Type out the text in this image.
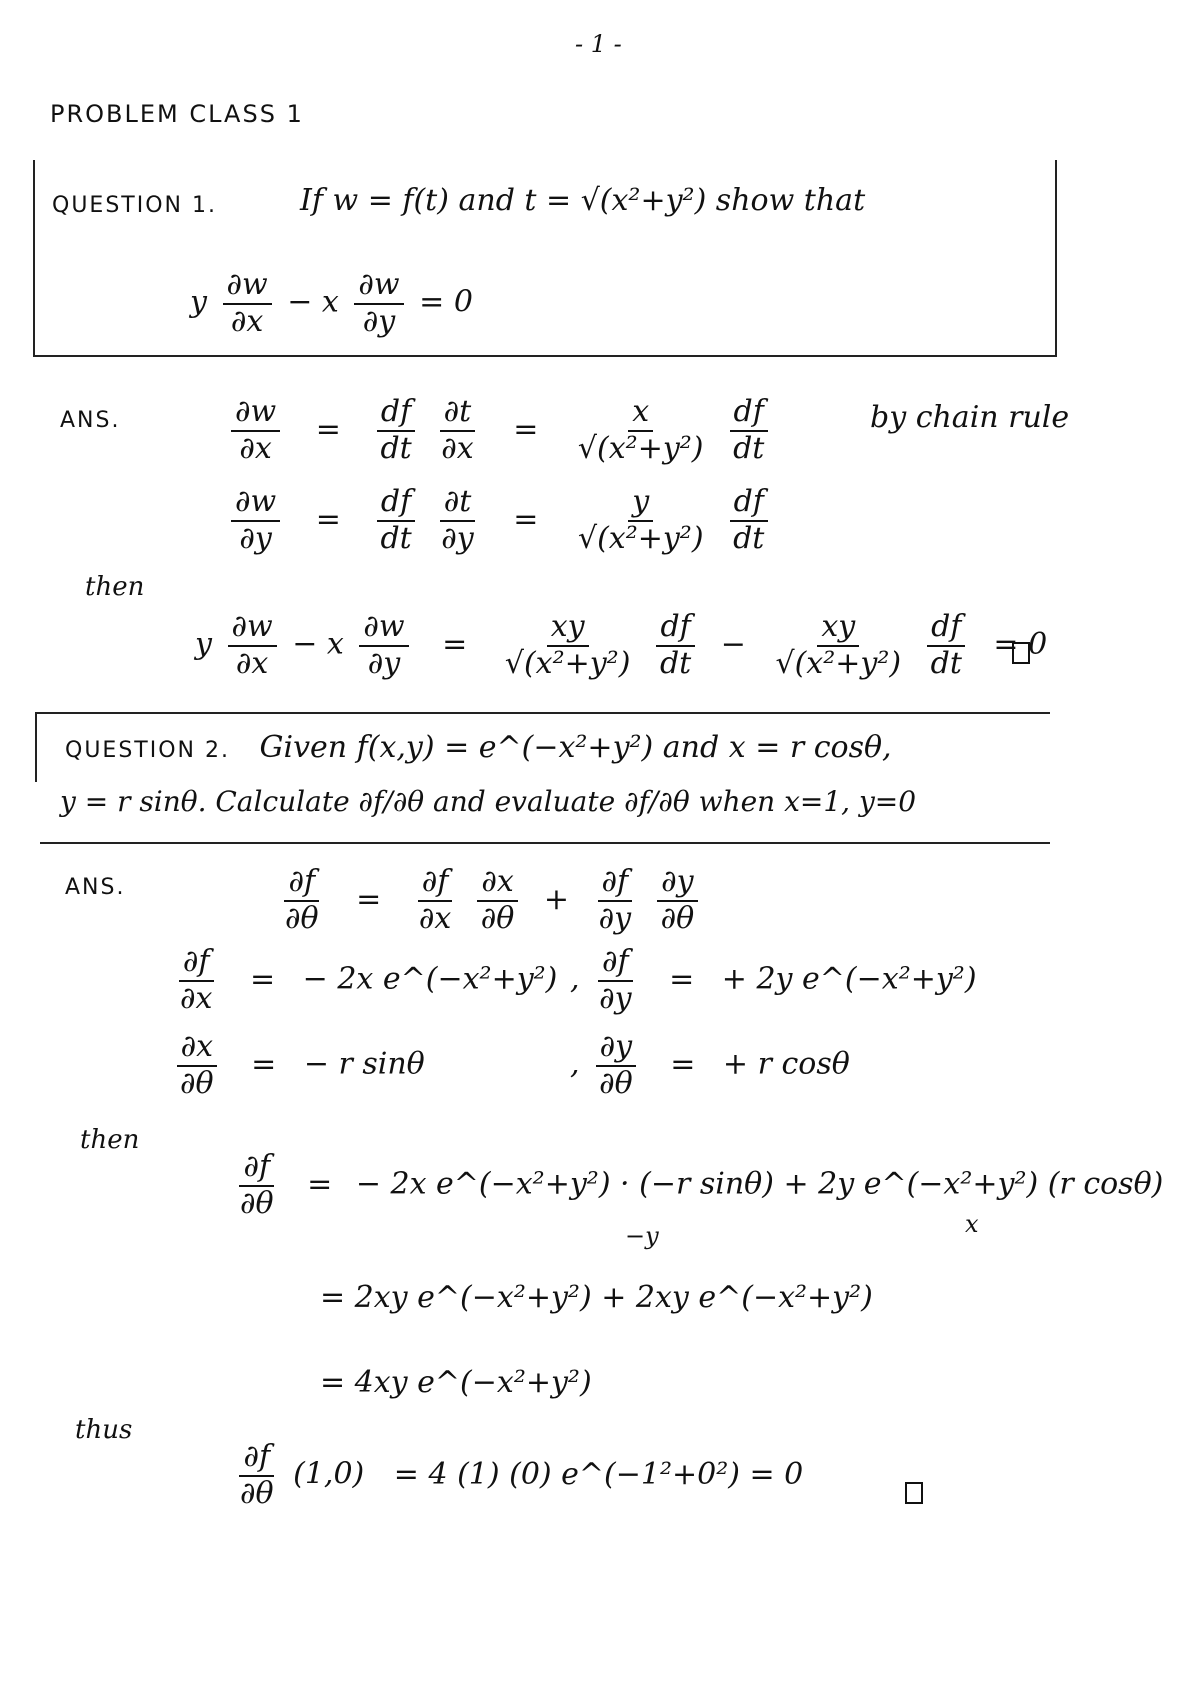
- 1 -
PROBLEM CLASS 1
QUESTION 1.	If w = f(t) and t = √(x²+y²) show that
y $\frac{\partial w}{\partial x} - x \frac{\partial w}{\partial y} = 0$
ANS.	$\frac{\partial w}{\partial x} = \frac{df}{dt}$
$\frac{\partial t}{\partial x} = \frac{x}{\text{√(x²+y²)}}$
$\frac{df}{dt}$	by chain rule
$\frac{\partial w}{\partial y} = \frac{df}{dt}$
$\frac{\partial t}{\partial y} = \frac{y}{\text{√(x²+y²)}}$
$\frac{df}{dt}$
then
y $\frac{\partial w}{\partial x} - x \frac{\partial w}{\partial y} = \frac{xy}{\text{√(x²+y²)}}$
$\frac{df}{dt} - \frac{xy}{\text{√(x²+y²)}}$
$\frac{df}{dt} = 0$
QUESTION 2. Given f(x,y) = e^(−x²+y²) and x = r cosθ,
y = r sinθ. Calculate ∂f/∂θ and evaluate ∂f/∂θ when x=1, y=0
ANS.	$\frac{\partial f}{\partial\theta} = \frac{\partial f}{\partial x}$
$\frac{\partial x}{\partial\theta} + \frac{\partial f}{\partial y}$
$\frac{\partial y}{\partial\theta}$
$\frac{\partial f}{\partial x}$ = − 2x e^(−x²+y²) , $\frac{\partial f}{\partial y}$ = + 2y e^(−x²+y²)
$\frac{\partial x}{\partial\theta}$ = − r sinθ	, $\frac{\partial y}{\partial\theta}$ = + r cosθ
then
$\frac{\partial f}{\partial\theta}$ = − 2x e^(−x²+y²) · (−r sinθ) + 2y e^(−x²+y²) (r cosθ)
−y	x
= 2xy e^(−x²+y²) + 2xy e^(−x²+y²)
= 4xy e^(−x²+y²)
thus
$\frac{\partial f}{\partial\theta} (1,0) = 4$ (1) (0) e^(−1²+0²) = 0
